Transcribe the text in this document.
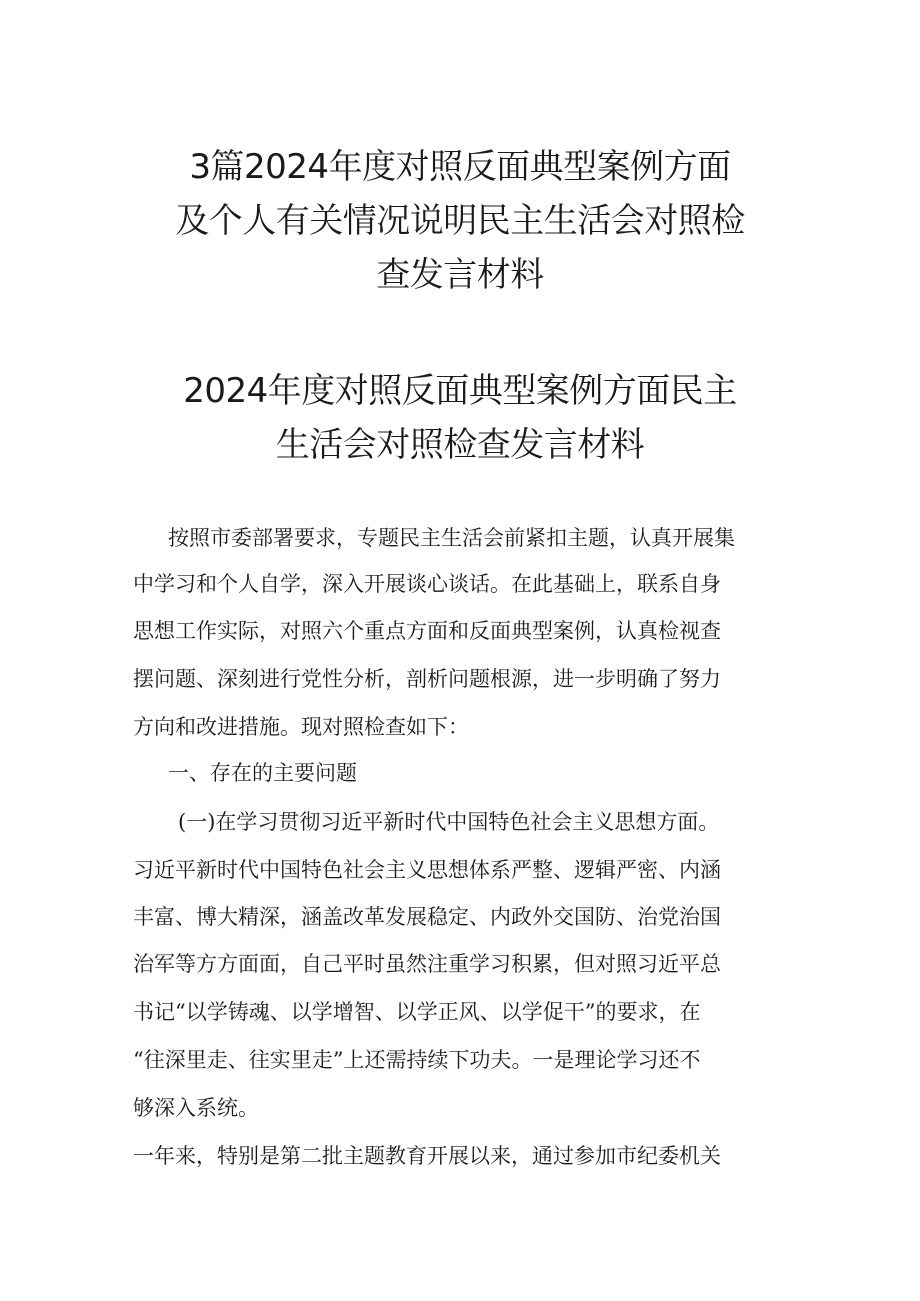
3篇2024年度对照反面典型案例方面
及个人有关情况说明民主生活会对照检
查发言材料
2024年度对照反面典型案例方面民主
生活会对照检查发言材料

按照市委部署要求，专题民主生活会前紧扣主题，认真开展集

中学习和个人自学，深入开展谈心谈话。在此基础上，联系自身

思想工作实际，对照六个重点方面和反面典型案例，认真检视查

摆问题、深刻进行党性分析，剖析问题根源，进一步明确了努力

方向和改进措施。现对照检查如下：

一、存在的主要问题

(一)在学习贯彻习近平新时代中国特色社会主义思想方面。

习近平新时代中国特色社会主义思想体系严整、逻辑严密、内涵

丰富、博大精深，涵盖改革发展稳定、内政外交国防、治党治国

治军等方方面面，自己平时虽然注重学习积累，但对照习近平总

书记“以学铸魂、以学增智、以学正风、以学促干”的要求，在

“往深里走、往实里走”上还需持续下功夫。一是理论学习还不

够深入系统。

一年来，特别是第二批主题教育开展以来，通过参加市纪委机关
